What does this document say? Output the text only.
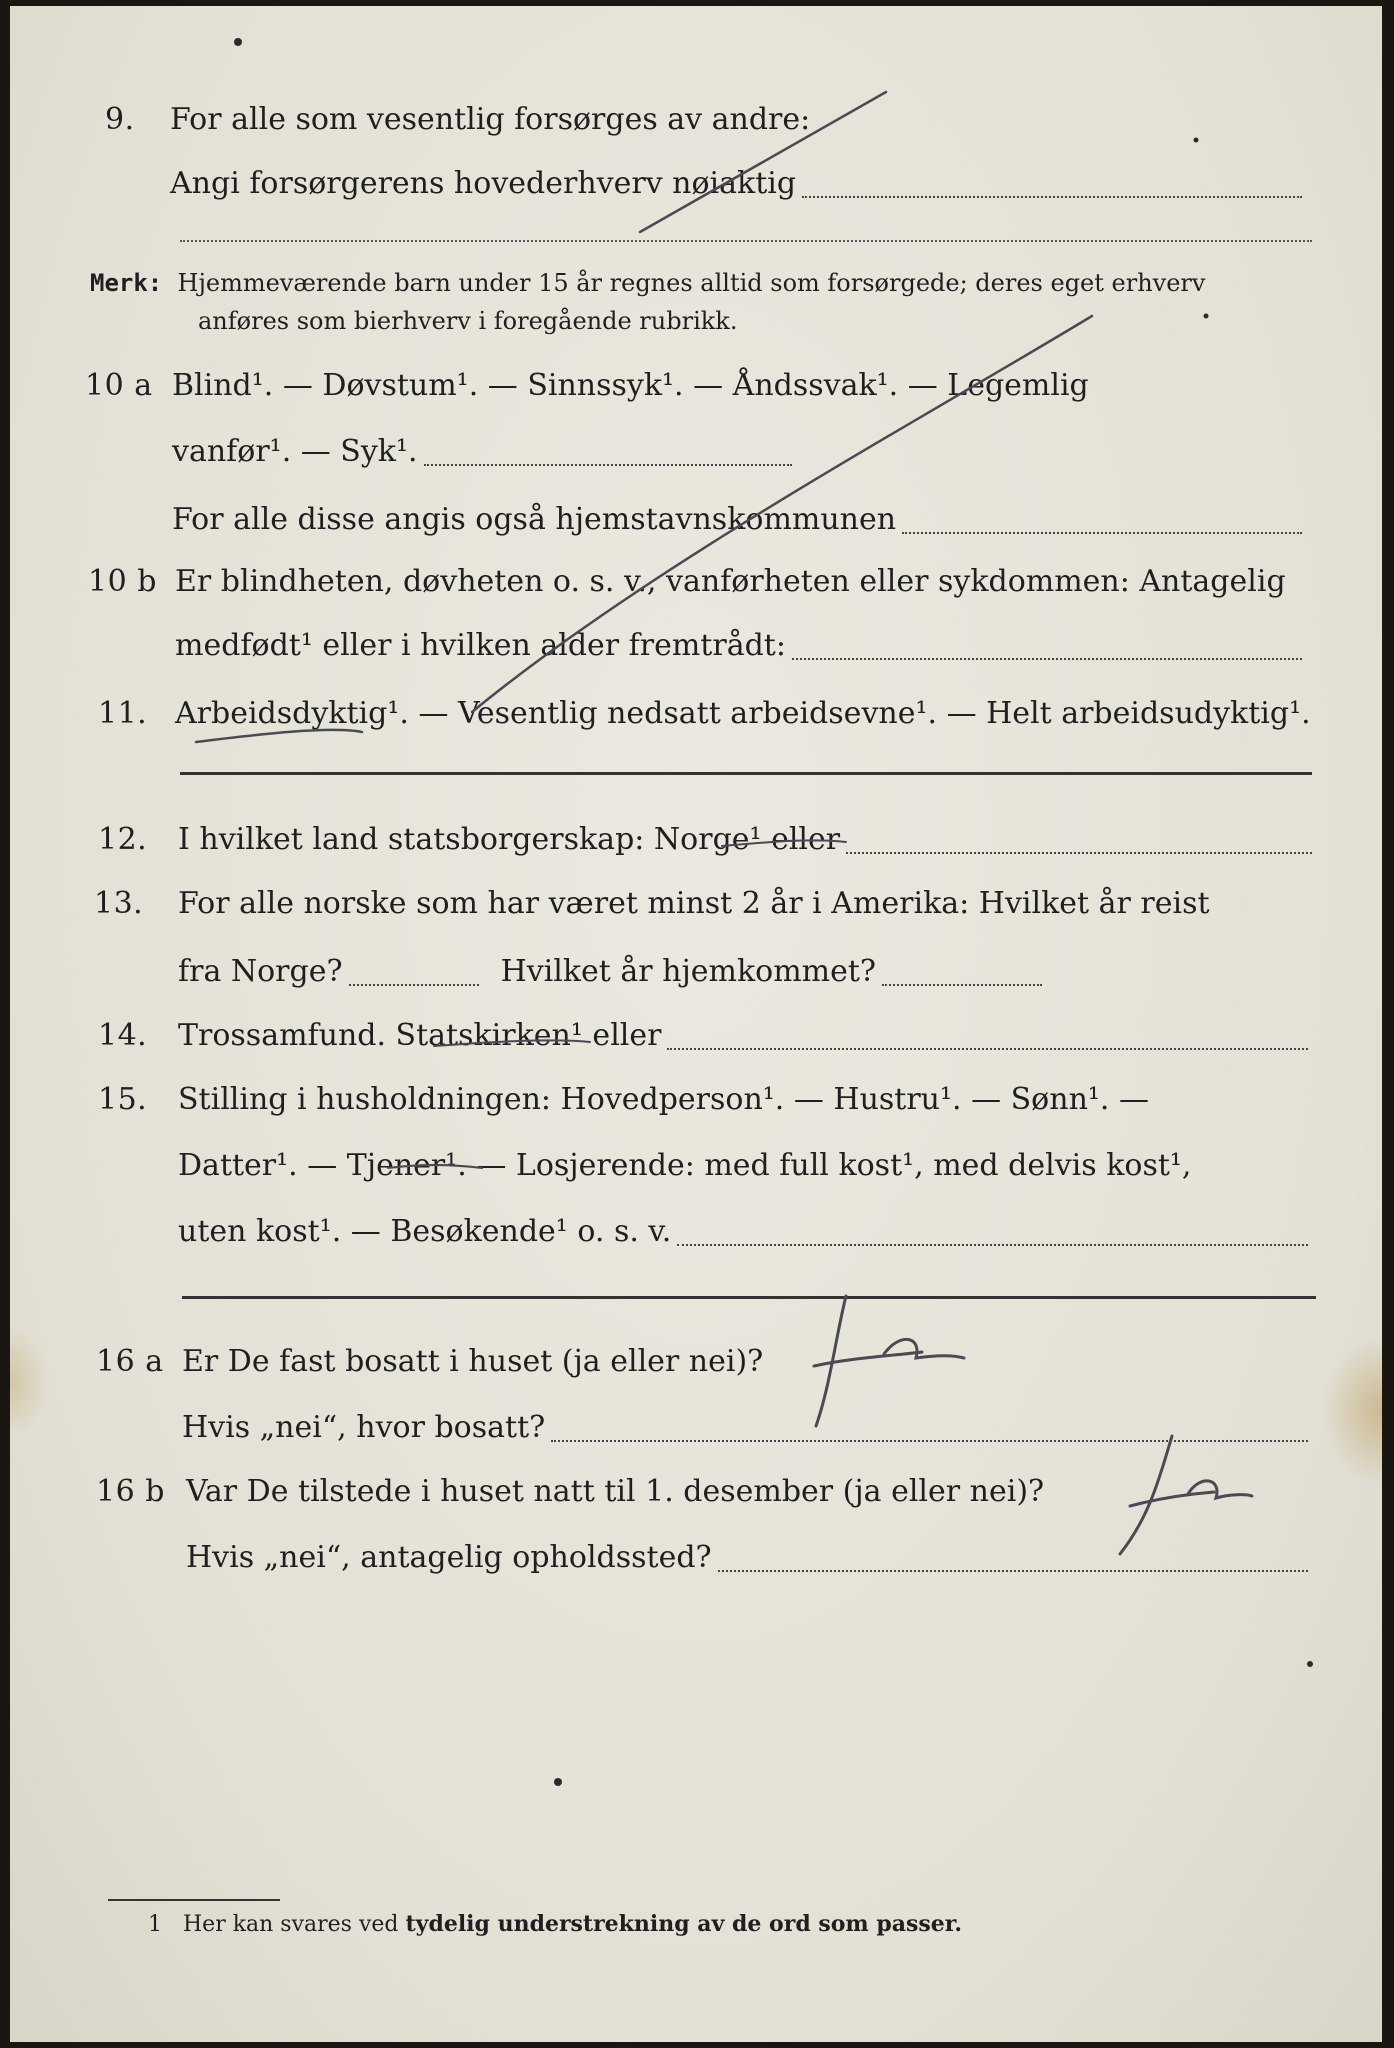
9. For alle som vesentlig forsørges av andre:
Angi forsørgerens hovederhverv nøiaktig
Merk: Hjemmeværende barn under 15 år regnes alltid som forsørgede; deres eget erhverv
anføres som bierhverv i foregående rubrikk.
10 a Blind¹. — Døvstum¹. — Sinnssyk¹. — Åndssvak¹. — Legemlig
vanfør¹. — Syk¹.
For alle disse angis også hjemstavnskommunen
10 b Er blindheten, døvheten o. s. v., vanførheten eller sykdommen: Antagelig
medfødt¹ eller i hvilken alder fremtrådt:
11. Arbeidsdyktig¹. — Vesentlig nedsatt arbeidsevne¹. — Helt arbeidsudyktig¹.
12. I hvilket land statsborgerskap: Norge¹ eller
13. For alle norske som har været minst 2 år i Amerika: Hvilket år reist
fra Norge?	Hvilket år hjemkommet?
14. Trossamfund. Statskirken¹ eller
15. Stilling i husholdningen: Hovedperson¹. — Hustru¹. — Sønn¹. —
Datter¹. — Tjener¹. — Losjerende: med full kost¹, med delvis kost¹,
uten kost¹. — Besøkende¹ o. s. v.
16 a Er De fast bosatt i huset (ja eller nei)?
Hvis „nei“, hvor bosatt?
16 b Var De tilstede i huset natt til 1. desember (ja eller nei)?
Hvis „nei“, antagelig opholdssted?
1 Her kan svares ved tydelig understrekning av de ord som passer.
